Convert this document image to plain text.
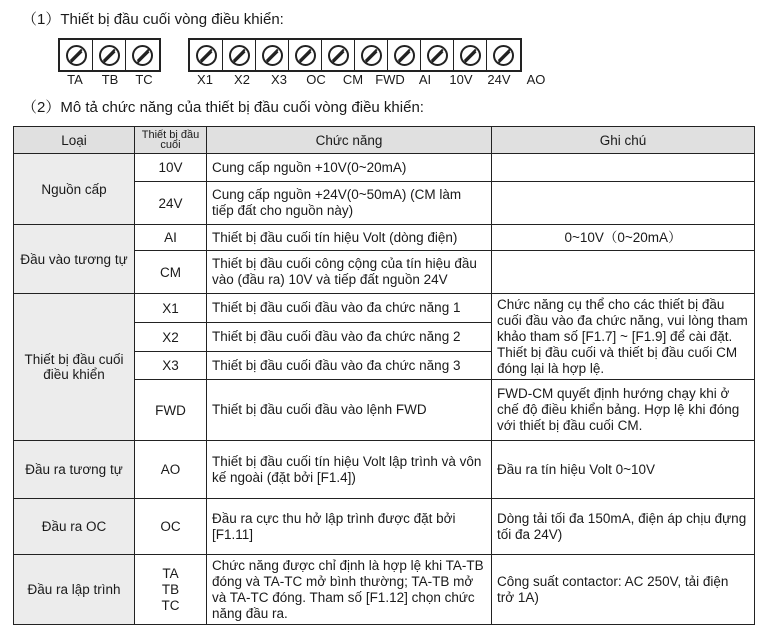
（1）Thiết bị đầu cuối vòng điều khiển:
TA	TB	TC	X1	X2	X3	OC	CM FWD	AI	10V	24V	AO
（2）Mô tả chức năng của thiết bị đầu cuối vòng điều khiển:
Loại	Thiết bị đầu cuối	Chức năng	Ghi chú
Nguồn cấp	10V	Cung cấp nguồn +10V(0~20mA)	
	24V	Cung cấp nguồn +24V(0~50mA) (CM làm tiếp đất cho nguồn này)	
Đầu vào tương tự	AI	Thiết bị đầu cuối tín hiệu Volt (dòng điện)	0~10V（0~20mA）
	CM	Thiết bị đầu cuối công cộng của tín hiệu đầu vào (đầu ra) 10V và tiếp đất nguồn 24V	
Thiết bị đầu cuối điều khiển	X1	Thiết bị đầu cuối đầu vào đa chức năng 1	Chức năng cụ thể cho các thiết bị đầu cuối đầu vào đa chức năng, vui lòng tham khảo tham số [F1.7] ~ [F1.9] để cài đặt. Thiết bị đầu cuối và thiết bị đầu cuối CM đóng lại là hợp lệ.
	X2	Thiết bị đầu cuối đầu vào đa chức năng 2	
	X3	Thiết bị đầu cuối đầu vào đa chức năng 3	
	FWD	Thiết bị đầu cuối đầu vào lệnh FWD	FWD-CM quyết định hướng chạy khi ở chế độ điều khiển bảng. Hợp lệ khi đóng với thiết bị đầu cuối CM.
Đầu ra tương tự	AO	Thiết bị đầu cuối tín hiệu Volt lập trình và vôn kế ngoài (đặt bởi [F1.4])	Đầu ra tín hiệu Volt 0~10V
Đầu ra OC	OC	Đầu ra cực thu hở lập trình được đặt bởi [F1.11]	Dòng tải tối đa 150mA, điện áp chịu đựng tối đa 24V)
Đầu ra lập trình	TA
TB
TC	Chức năng được chỉ định là hợp lệ khi TA-TB đóng và TA-TC mở bình thường; TA-TB mở và TA-TC đóng. Tham số [F1.12] chọn chức năng đầu ra.	Công suất contactor: AC 250V, tải điện trở 1A)
